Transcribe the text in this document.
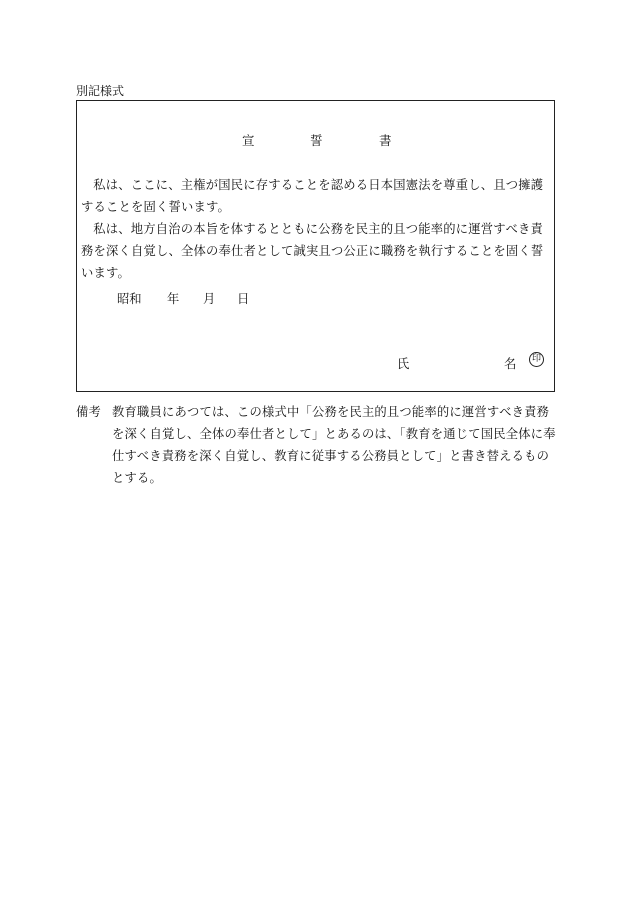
別記様式
宣	誓	書

私は、ここに、主権が国民に存することを認める日本国憲法を尊重し、且つ擁護することを固く誓います。

私は、地方自治の本旨を体するとともに公務を民主的且つ能率的に運営すべき責務を深く自覚し、全体の奉仕者として誠実且つ公正に職務を執行することを固く誓います。

昭和 年 月 日
氏	名	印
備考 教育職員にあつては、この様式中「公務を民主的且つ能率的に運営すべき責務を深く自覚し、全体の奉仕者として」とあるのは、「教育を通じて国民全体に奉仕すべき責務を深く自覚し、教育に従事する公務員として」と書き替えるものとする。
